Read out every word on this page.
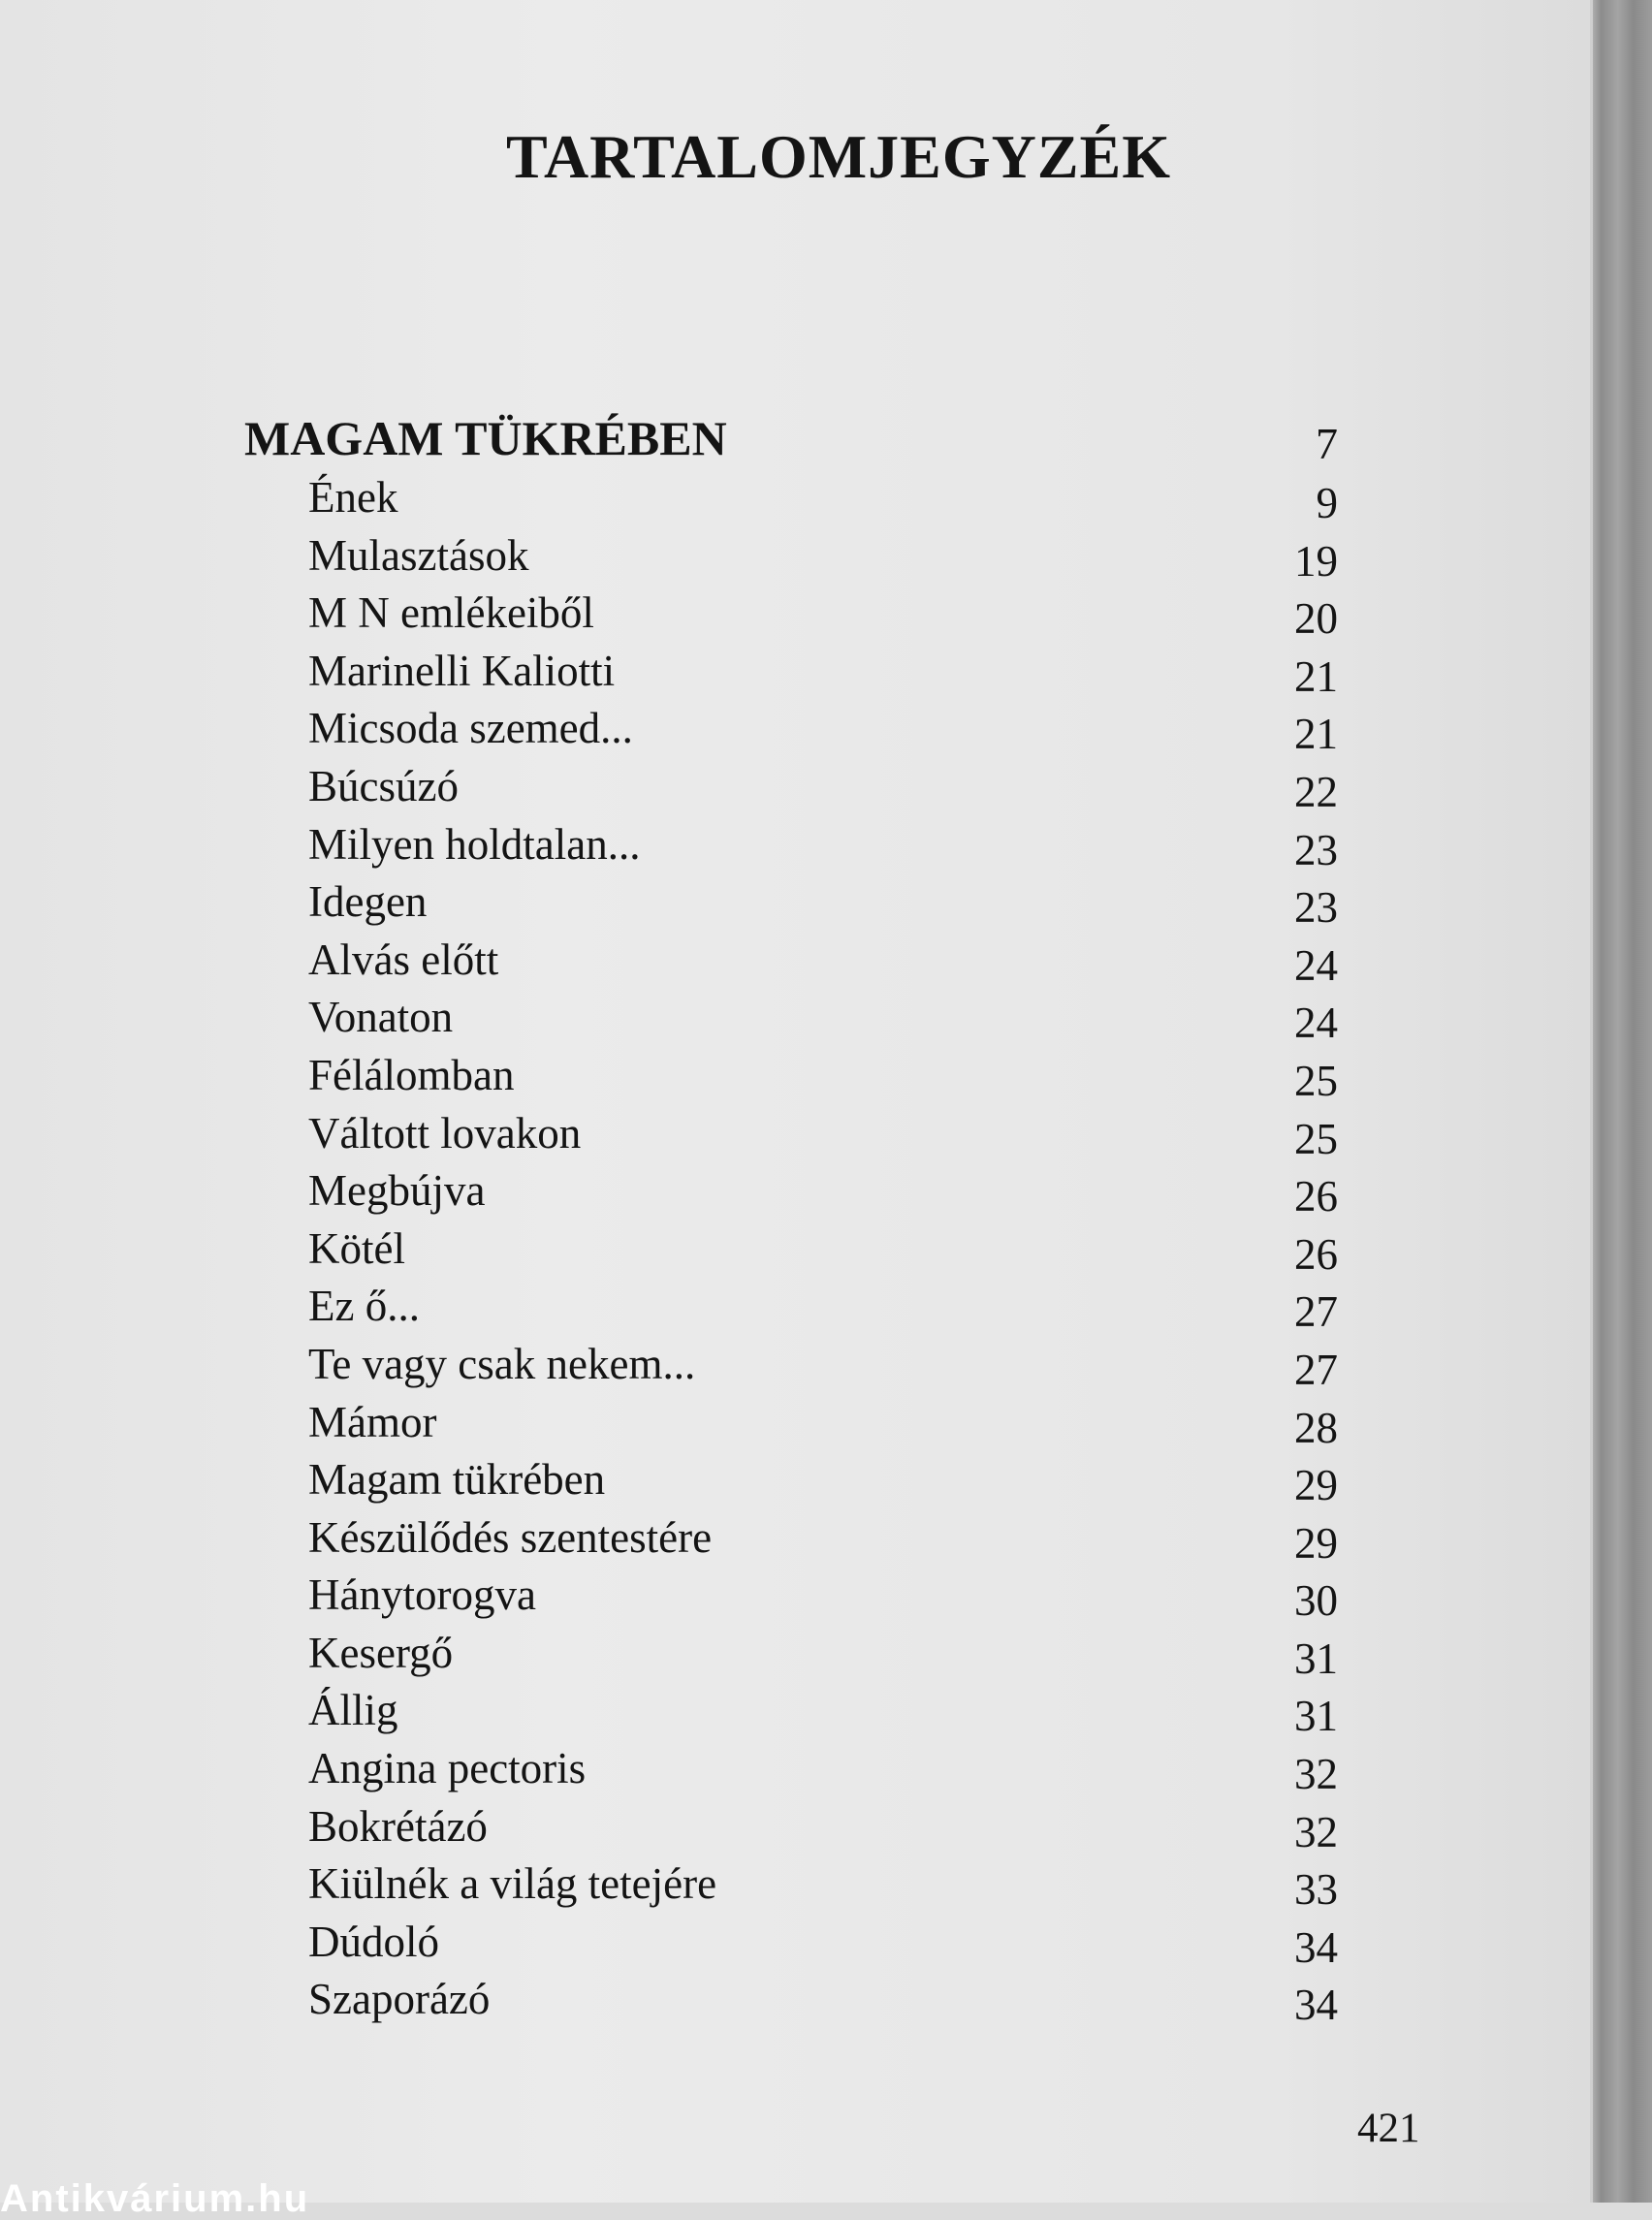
TARTALOMJEGYZÉK
MAGAM TÜKRÉBEN	7
Ének	9
Mulasztások	19
M N emlékeiből	20
Marinelli Kaliotti	21
Micsoda szemed...	21
Búcsúzó	22
Milyen holdtalan...	23
Idegen	23
Alvás előtt	24
Vonaton	24
Félálomban	25
Váltott lovakon	25
Megbújva	26
Kötél	26
Ez ő...	27
Te vagy csak nekem...	27
Mámor	28
Magam tükrében	29
Készülődés szentestére	29
Hánytorogva	30
Kesergő	31
Állig	31
Angina pectoris	32
Bokrétázó	32
Kiülnék a világ tetejére	33
Dúdoló	34
Szaporázó	34
421
Antikvárium.hu
